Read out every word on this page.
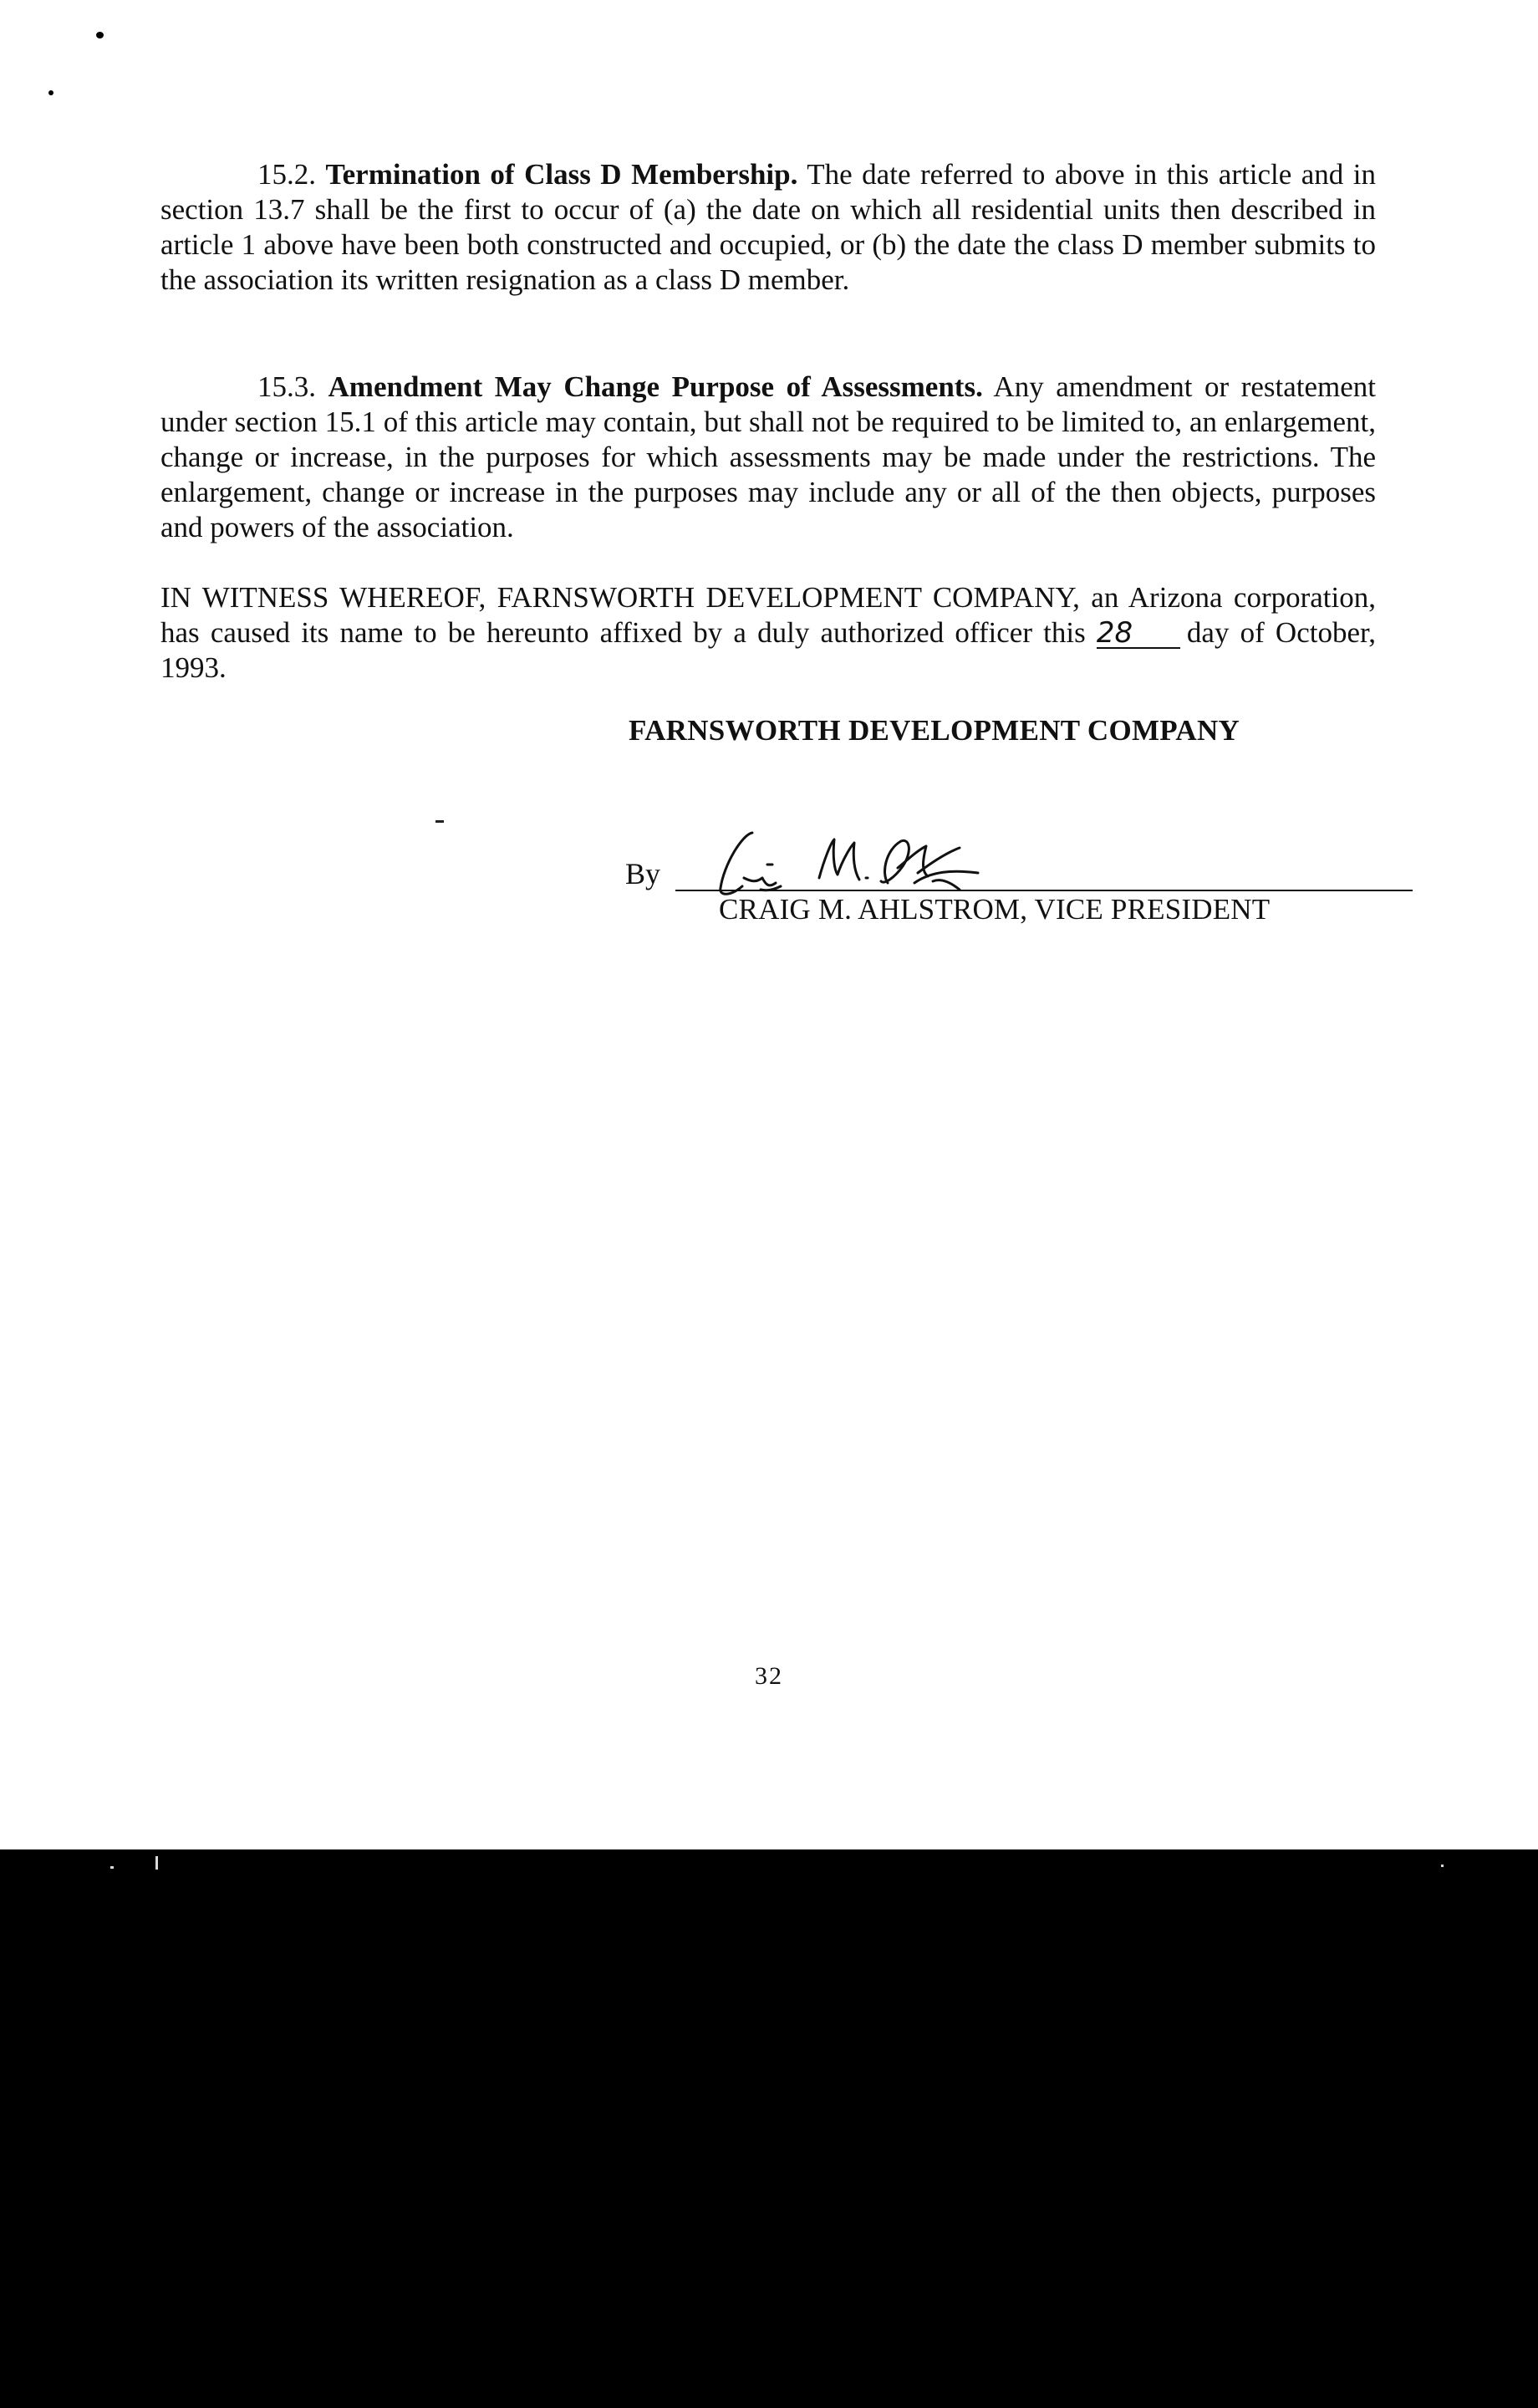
15.2. Termination of Class D Membership. The date referred to above in this article and in section 13.7 shall be the first to occur of (a) the date on which all residential units then described in article 1 above have been both constructed and occupied, or (b) the date the class D member submits to the association its written resignation as a class D member.
15.3. Amendment May Change Purpose of Assessments. Any amendment or restatement under section 15.1 of this article may contain, but shall not be required to be limited to, an enlargement, change or increase, in the purposes for which assessments may be made under the restrictions. The enlargement, change or increase in the purposes may include any or all of the then objects, purposes and powers of the association.
IN WITNESS WHEREOF, FARNSWORTH DEVELOPMENT COMPANY, an Arizona corporation, has caused its name to be hereunto affixed by a duly authorized officer this 28 day of October, 1993.
FARNSWORTH DEVELOPMENT COMPANY
By
CRAIG M. AHLSTROM, VICE PRESIDENT
32
